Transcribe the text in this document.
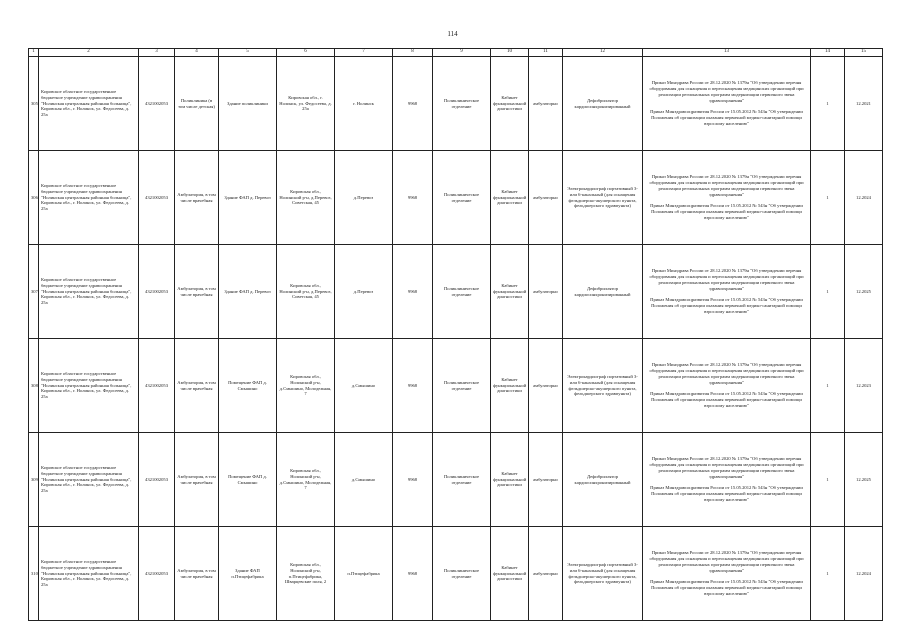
114
1	2	3	4	5	6	7	8	9	10	11	12	13	14	15
305	Кировское областное государственное бюджетное учреждение здравоохранения "Нолинская центральная районная больница", Кировская обл., г. Нолинск, ул. Федосеева, д. 25а	4321002053	Поликлиника (в том числе детская)	Здание поликлиники	Кировская обл., г. Нолинск, ул. Федосеева, д. 25а	г. Нолинск	9968	Поликлиническое отделение	Кабинет функциональной диагностики	амбулаторно	Дефибриллятор кардиосинхронизированный	Приказ Минздрава России от 28.12.2020 № 1379н "Об утверждении перечня оборудования для оснащения и переоснащения медицинских организаций при реализации региональных программ модернизации первичного звена здравоохранения"

Приказ Минздравсоцразвития России от 15.05.2012 № 543н "Об утверждении Положения об организации оказания первичной медико-санитарной помощи взрослому населению"	1	12.2021
306	Кировское областное государственное бюджетное учреждение здравоохранения "Нолинская центральная районная больница", Кировская обл., г. Нолинск, ул. Федосеева, д. 25а	4321002053	Амбулатория, в том числе врачебная	Здание ФАП д. Перевоз	Кировская обл., Нолинский р-н, д.Перевоз, Советская, 45	д.Перевоз	9968	Поликлиническое отделение	Кабинет функциональной диагностики	амбулаторно	Электрокардиограф портативный 3- или 6-канальный (для оснащения фельдшерско-акушерского пункта, фельдшерского здравпункта)	Приказ Минздрава России от 28.12.2020 № 1379н "Об утверждении перечня оборудования для оснащения и переоснащения медицинских организаций при реализации региональных программ модернизации первичного звена здравоохранения"

Приказ Минздравсоцразвития России от 15.05.2012 № 543н "Об утверждении Положения об организации оказания первичной медико-санитарной помощи взрослому населению"	1	12.2024
307	Кировское областное государственное бюджетное учреждение здравоохранения "Нолинская центральная районная больница", Кировская обл., г. Нолинск, ул. Федосеева, д. 25а	4321002053	Амбулатория, в том числе врачебная	Здание ФАП д. Перевоз	Кировская обл., Нолинский р-н, д.Перевоз, Советская, 45	д.Перевоз	9968	Поликлиническое отделение	Кабинет функциональной диагностики	амбулаторно	Дефибриллятор кардиосинхронизированный	Приказ Минздрава России от 28.12.2020 № 1379н "Об утверждении перечня оборудования для оснащения и переоснащения медицинских организаций при реализации региональных программ модернизации первичного звена здравоохранения"

Приказ Минздравсоцразвития России от 15.05.2012 № 543н "Об утверждении Положения об организации оказания первичной медико-санитарной помощи взрослому населению"	1	12.2025
308	Кировское областное государственное бюджетное учреждение здравоохранения "Нолинская центральная районная больница", Кировская обл., г. Нолинск, ул. Федосеева, д. 25а	4321002053	Амбулатория, в том числе врачебная	Помещение ФАП д. Смышино	Кировская обл., Нолинский р-н, д.Смышино, Молодежная, 7	д.Смышино	9968	Поликлиническое отделение	Кабинет функциональной диагностики	амбулаторно	Электрокардиограф портативный 3- или 6-канальный (для оснащения фельдшерско-акушерского пункта, фельдшерского здравпункта)	Приказ Минздрава России от 28.12.2020 № 1379н "Об утверждении перечня оборудования для оснащения и переоснащения медицинских организаций при реализации региональных программ модернизации первичного звена здравоохранения"

Приказ Минздравсоцразвития России от 15.05.2012 № 543н "Об утверждении Положения об организации оказания первичной медико-санитарной помощи взрослому населению"	1	12.2023
309	Кировское областное государственное бюджетное учреждение здравоохранения "Нолинская центральная районная больница", Кировская обл., г. Нолинск, ул. Федосеева, д. 25а	4321002053	Амбулатория, в том числе врачебная	Помещение ФАП д. Смышино	Кировская обл., Нолинский р-н, д.Смышино, Молодежная, 7	д.Смышино	9968	Поликлиническое отделение	Кабинет функциональной диагностики	амбулаторно	Дефибриллятор кардиосинхронизированный	Приказ Минздрава России от 28.12.2020 № 1379н "Об утверждении перечня оборудования для оснащения и переоснащения медицинских организаций при реализации региональных программ модернизации первичного звена здравоохранения"

Приказ Минздравсоцразвития России от 15.05.2012 № 543н "Об утверждении Положения об организации оказания первичной медико-санитарной помощи взрослому населению"	1	12.2025
310	Кировское областное государственное бюджетное учреждение здравоохранения "Нолинская центральная районная больница", Кировская обл., г. Нолинск, ул. Федосеева, д. 25а	4321002053	Амбулатория, в том числе врачебная	Здание ФАП п.Птицефабрика	Кировская обл., Нолинский р-н, п.Птицефабрика, Шварцевские поля, 2	п.Птицефабрика	9968	Поликлиническое отделение	Кабинет функциональной диагностики	амбулаторно	Электрокардиограф портативный 3- или 6-канальный (для оснащения фельдшерско-акушерского пункта, фельдшерского здравпункта)	Приказ Минздрава России от 28.12.2020 № 1379н "Об утверждении перечня оборудования для оснащения и переоснащения медицинских организаций при реализации региональных программ модернизации первичного звена здравоохранения"

Приказ Минздравсоцразвития России от 15.05.2012 № 543н "Об утверждении Положения об организации оказания первичной медико-санитарной помощи взрослому населению"	1	12.2024
